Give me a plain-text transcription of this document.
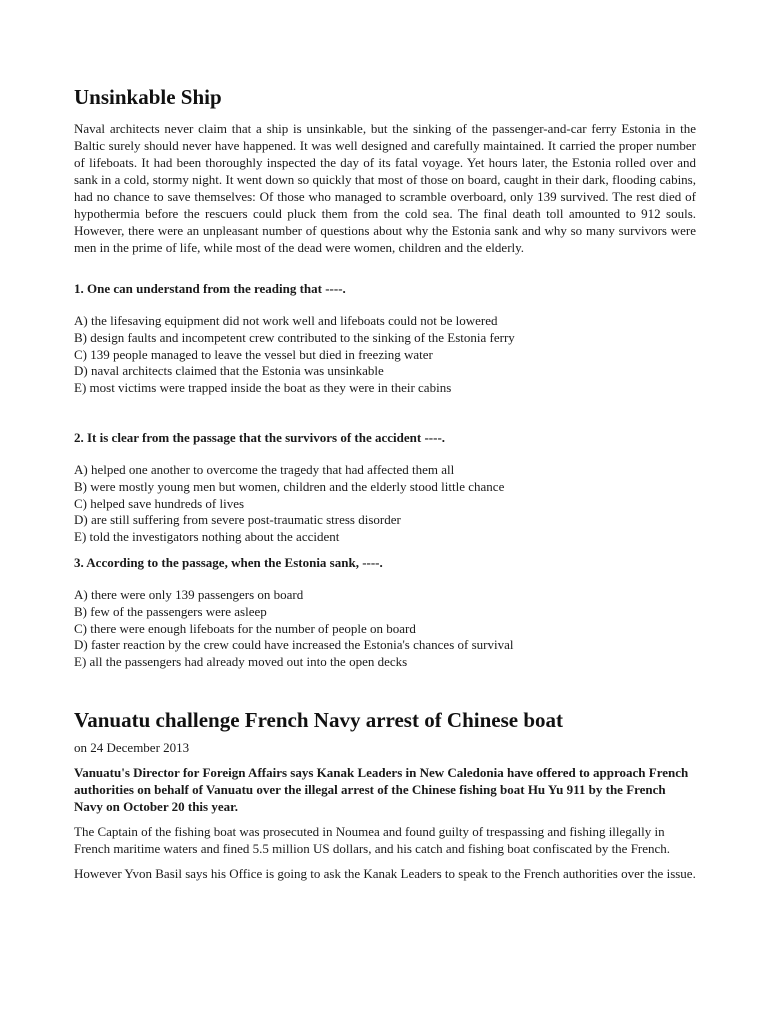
Unsinkable Ship

Naval architects never claim that a ship is unsinkable, but the sinking of the passenger-and-car ferry Estonia in the Baltic surely should never have happened. It was well designed and carefully maintained. It carried the proper number of lifeboats. It had been thoroughly inspected the day of its fatal voyage. Yet hours later, the Estonia rolled over and sank in a cold, stormy night. It went down so quickly that most of those on board, caught in their dark, flooding cabins, had no chance to save themselves: Of those who managed to scramble overboard, only 139 survived. The rest died of hypothermia before the rescuers could pluck them from the cold sea. The final death toll amounted to 912 souls. However, there were an unpleasant number of questions about why the Estonia sank and why so many survivors were men in the prime of life, while most of the dead were women, children and the elderly.

1. One can understand from the reading that ----.

A) the lifesaving equipment did not work well and lifeboats could not be lowered
B) design faults and incompetent crew contributed to the sinking of the Estonia ferry
C) 139 people managed to leave the vessel but died in freezing water
D) naval architects claimed that the Estonia was unsinkable
E) most victims were trapped inside the boat as they were in their cabins

2. It is clear from the passage that the survivors of the accident ----.

A) helped one another to overcome the tragedy that had affected them all
B) were mostly young men but women, children and the elderly stood little chance
C) helped save hundreds of lives
D) are still suffering from severe post-traumatic stress disorder
E) told the investigators nothing about the accident

3. According to the passage, when the Estonia sank, ----.

A) there were only 139 passengers on board
B) few of the passengers were asleep
C) there were enough lifeboats for the number of people on board
D) faster reaction by the crew could have increased the Estonia's chances of survival
E) all the passengers had already moved out into the open decks
Vanuatu challenge French Navy arrest of Chinese boat

on 24 December 2013

Vanuatu's Director for Foreign Affairs says Kanak Leaders in New Caledonia have offered to approach French authorities on behalf of Vanuatu over the illegal arrest of the Chinese fishing boat Hu Yu 911 by the French Navy on October 20 this year.

The Captain of the fishing boat was prosecuted in Noumea and found guilty of trespassing and fishing illegally in French maritime waters and fined 5.5 million US dollars, and his catch and fishing boat confiscated by the French.

However Yvon Basil says his Office is going to ask the Kanak Leaders to speak to the French authorities over the issue.
